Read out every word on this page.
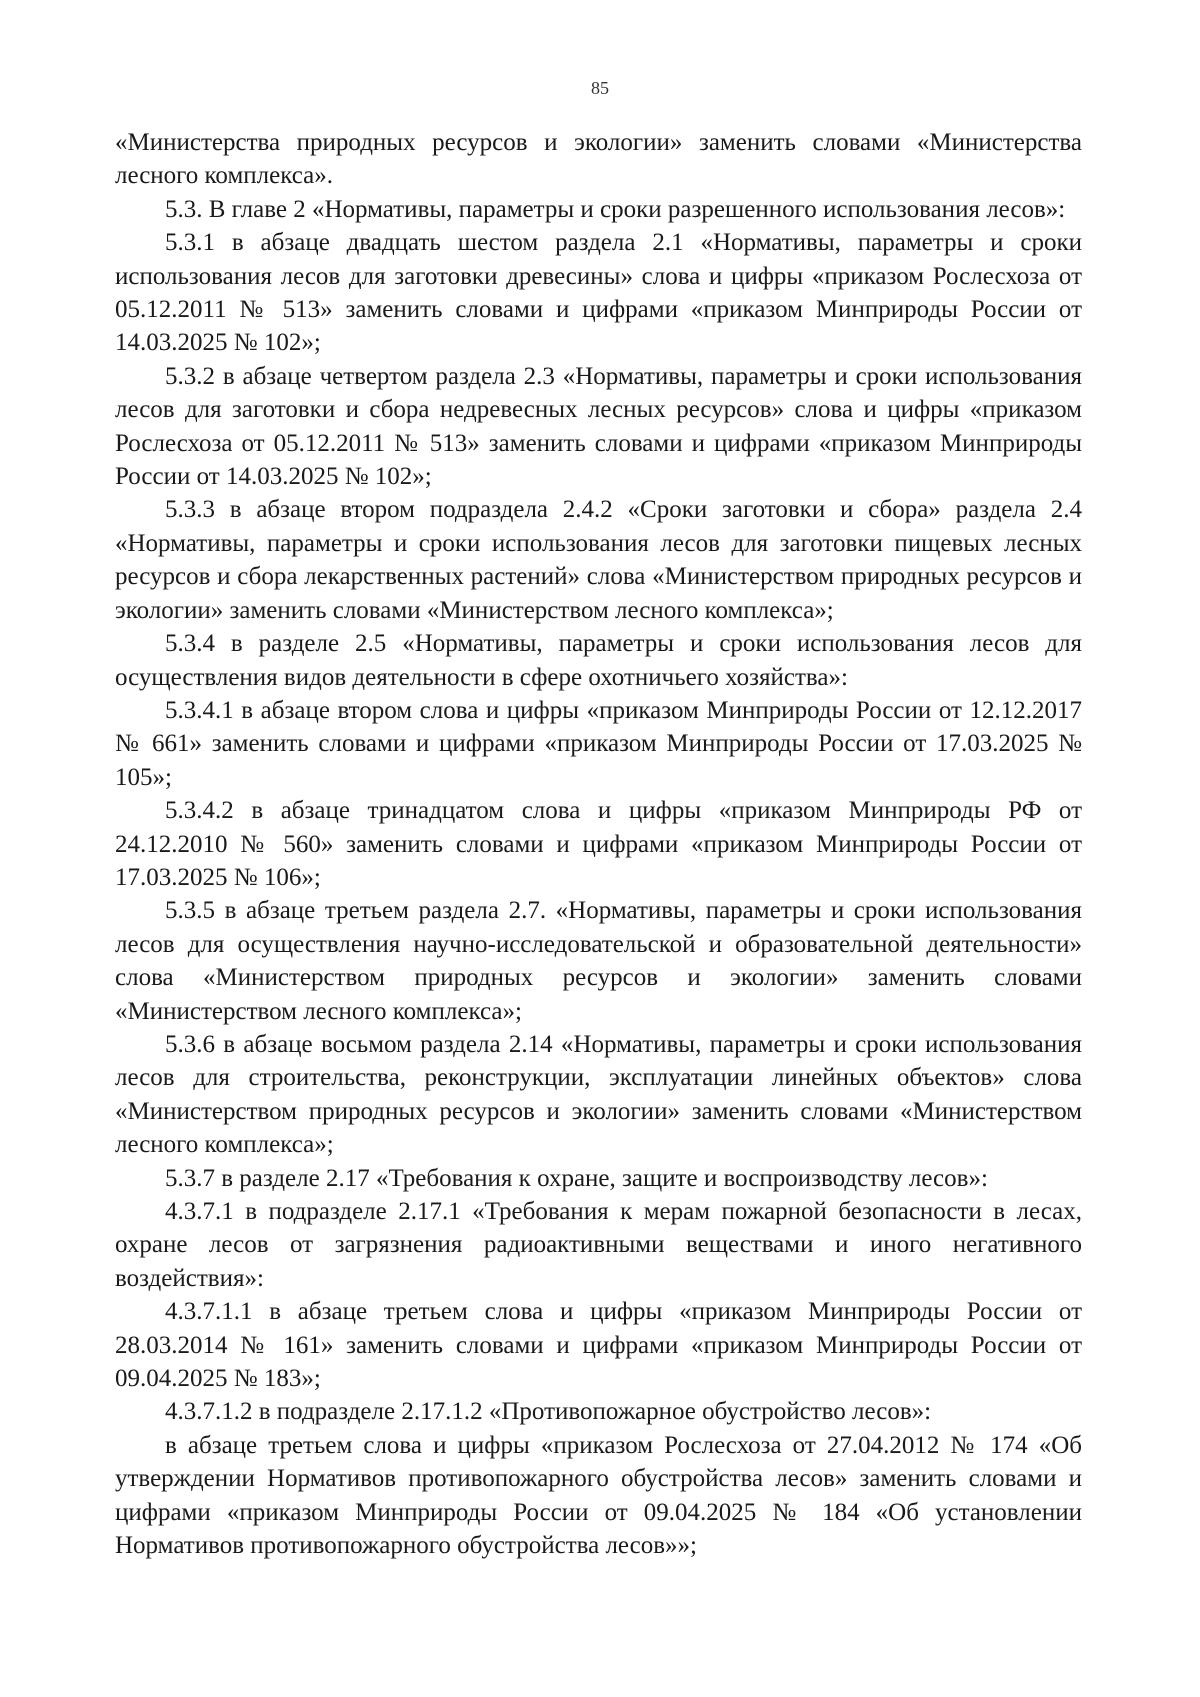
85

«Министерства природных ресурсов и экологии» заменить словами «Министерства лесного комплекса».

5.3. В главе 2 «Нормативы, параметры и сроки разрешенного использования лесов»:

5.3.1 в абзаце двадцать шестом раздела 2.1 «Нормативы, параметры и сроки использования лесов для заготовки древесины» слова и цифры «приказом Рослесхоза от 05.12.2011 № 513» заменить словами и цифрами «приказом Минприроды России от 14.03.2025 № 102»;

5.3.2 в абзаце четвертом раздела 2.3 «Нормативы, параметры и сроки использования лесов для заготовки и сбора недревесных лесных ресурсов» слова и цифры «приказом Рослесхоза от 05.12.2011 № 513» заменить словами и цифрами «приказом Минприроды России от 14.03.2025 № 102»;

5.3.3 в абзаце втором подраздела 2.4.2 «Сроки заготовки и сбора» раздела 2.4 «Нормативы, параметры и сроки использования лесов для заготовки пищевых лесных ресурсов и сбора лекарственных растений» слова «Министерством природных ресурсов и экологии» заменить словами «Министерством лесного комплекса»;

5.3.4 в разделе 2.5 «Нормативы, параметры и сроки использования лесов для осуществления видов деятельности в сфере охотничьего хозяйства»:

5.3.4.1 в абзаце втором слова и цифры «приказом Минприроды России от 12.12.2017 № 661» заменить словами и цифрами «приказом Минприроды России от 17.03.2025 № 105»;

5.3.4.2 в абзаце тринадцатом слова и цифры «приказом Минприроды РФ от 24.12.2010 № 560» заменить словами и цифрами «приказом Минприроды России от 17.03.2025 № 106»;

5.3.5 в абзаце третьем раздела 2.7. «Нормативы, параметры и сроки использования лесов для осуществления научно-исследовательской и образовательной деятельности» слова «Министерством природных ресурсов и экологии» заменить словами «Министерством лесного комплекса»;

5.3.6 в абзаце восьмом раздела 2.14 «Нормативы, параметры и сроки использования лесов для строительства, реконструкции, эксплуатации линейных объектов» слова «Министерством природных ресурсов и экологии» заменить словами «Министерством лесного комплекса»;

5.3.7 в разделе 2.17 «Требования к охране, защите и воспроизводству лесов»:

4.3.7.1 в подразделе 2.17.1 «Требования к мерам пожарной безопасности в лесах, охране лесов от загрязнения радиоактивными веществами и иного негативного воздействия»:

4.3.7.1.1 в абзаце третьем слова и цифры «приказом Минприроды России от 28.03.2014 № 161» заменить словами и цифрами «приказом Минприроды России от 09.04.2025 № 183»;

4.3.7.1.2 в подразделе 2.17.1.2 «Противопожарное обустройство лесов»:

в абзаце третьем слова и цифры «приказом Рослесхоза от 27.04.2012 № 174 «Об утверждении Нормативов противопожарного обустройства лесов» заменить словами и цифрами «приказом Минприроды России от 09.04.2025 № 184 «Об установлении Нормативов противопожарного обустройства лесов»»;
